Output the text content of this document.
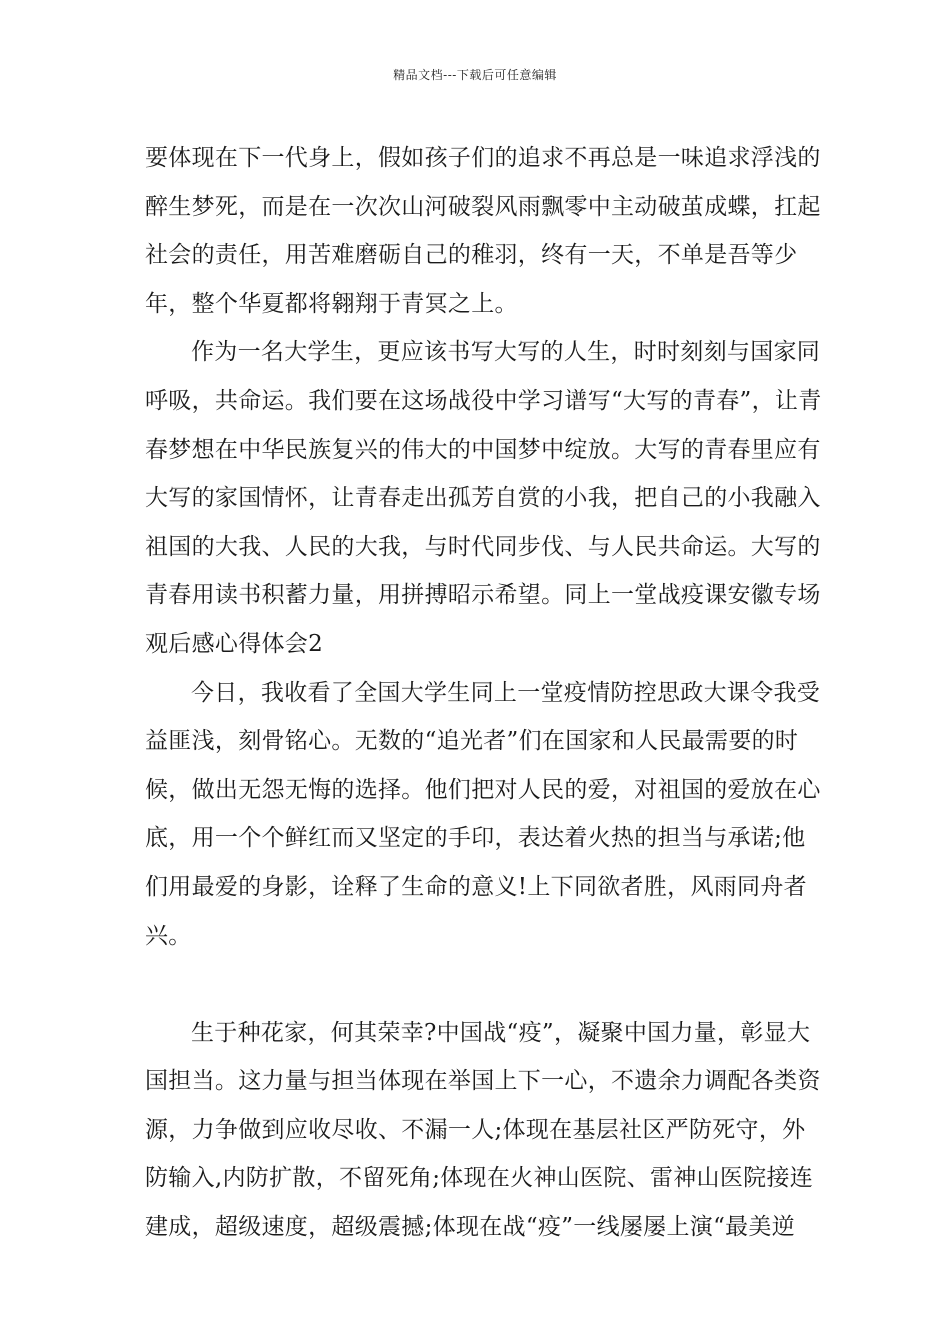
精品文档---下载后可任意编辑

要体现在下一代身上，假如孩子们的追求不再总是一味追求浮浅的醉生梦死，而是在一次次山河破裂风雨飘零中主动破茧成蝶，扛起社会的责任，用苦难磨砺自己的稚羽，终有一天，不单是吾等少年，整个华夏都将翱翔于青冥之上。

作为一名大学生，更应该书写大写的人生，时时刻刻与国家同呼吸，共命运。我们要在这场战役中学习谱写“大写的青春”，让青春梦想在中华民族复兴的伟大的中国梦中绽放。大写的青春里应有大写的家国情怀，让青春走出孤芳自赏的小我，把自己的小我融入祖国的大我、人民的大我，与时代同步伐、与人民共命运。大写的青春用读书积蓄力量，用拼搏昭示希望。同上一堂战疫课安徽专场观后感心得体会2

今日，我收看了全国大学生同上一堂疫情防控思政大课令我受益匪浅，刻骨铭心。无数的“追光者”们在国家和人民最需要的时候，做出无怨无悔的选择。他们把对人民的爱，对祖国的爱放在心底，用一个个鲜红而又坚定的手印，表达着火热的担当与承诺;他们用最爱的身影，诠释了生命的意义!上下同欲者胜，风雨同舟者兴。

生于种花家，何其荣幸?中国战“疫”，凝聚中国力量，彰显大国担当。这力量与担当体现在举国上下一心，不遗余力调配各类资源，力争做到应收尽收、不漏一人;体现在基层社区严防死守，外防输入,内防扩散，不留死角;体现在火神山医院、雷神山医院接连建成，超级速度，超级震撼;体现在战“疫”一线屡屡上演“最美逆
